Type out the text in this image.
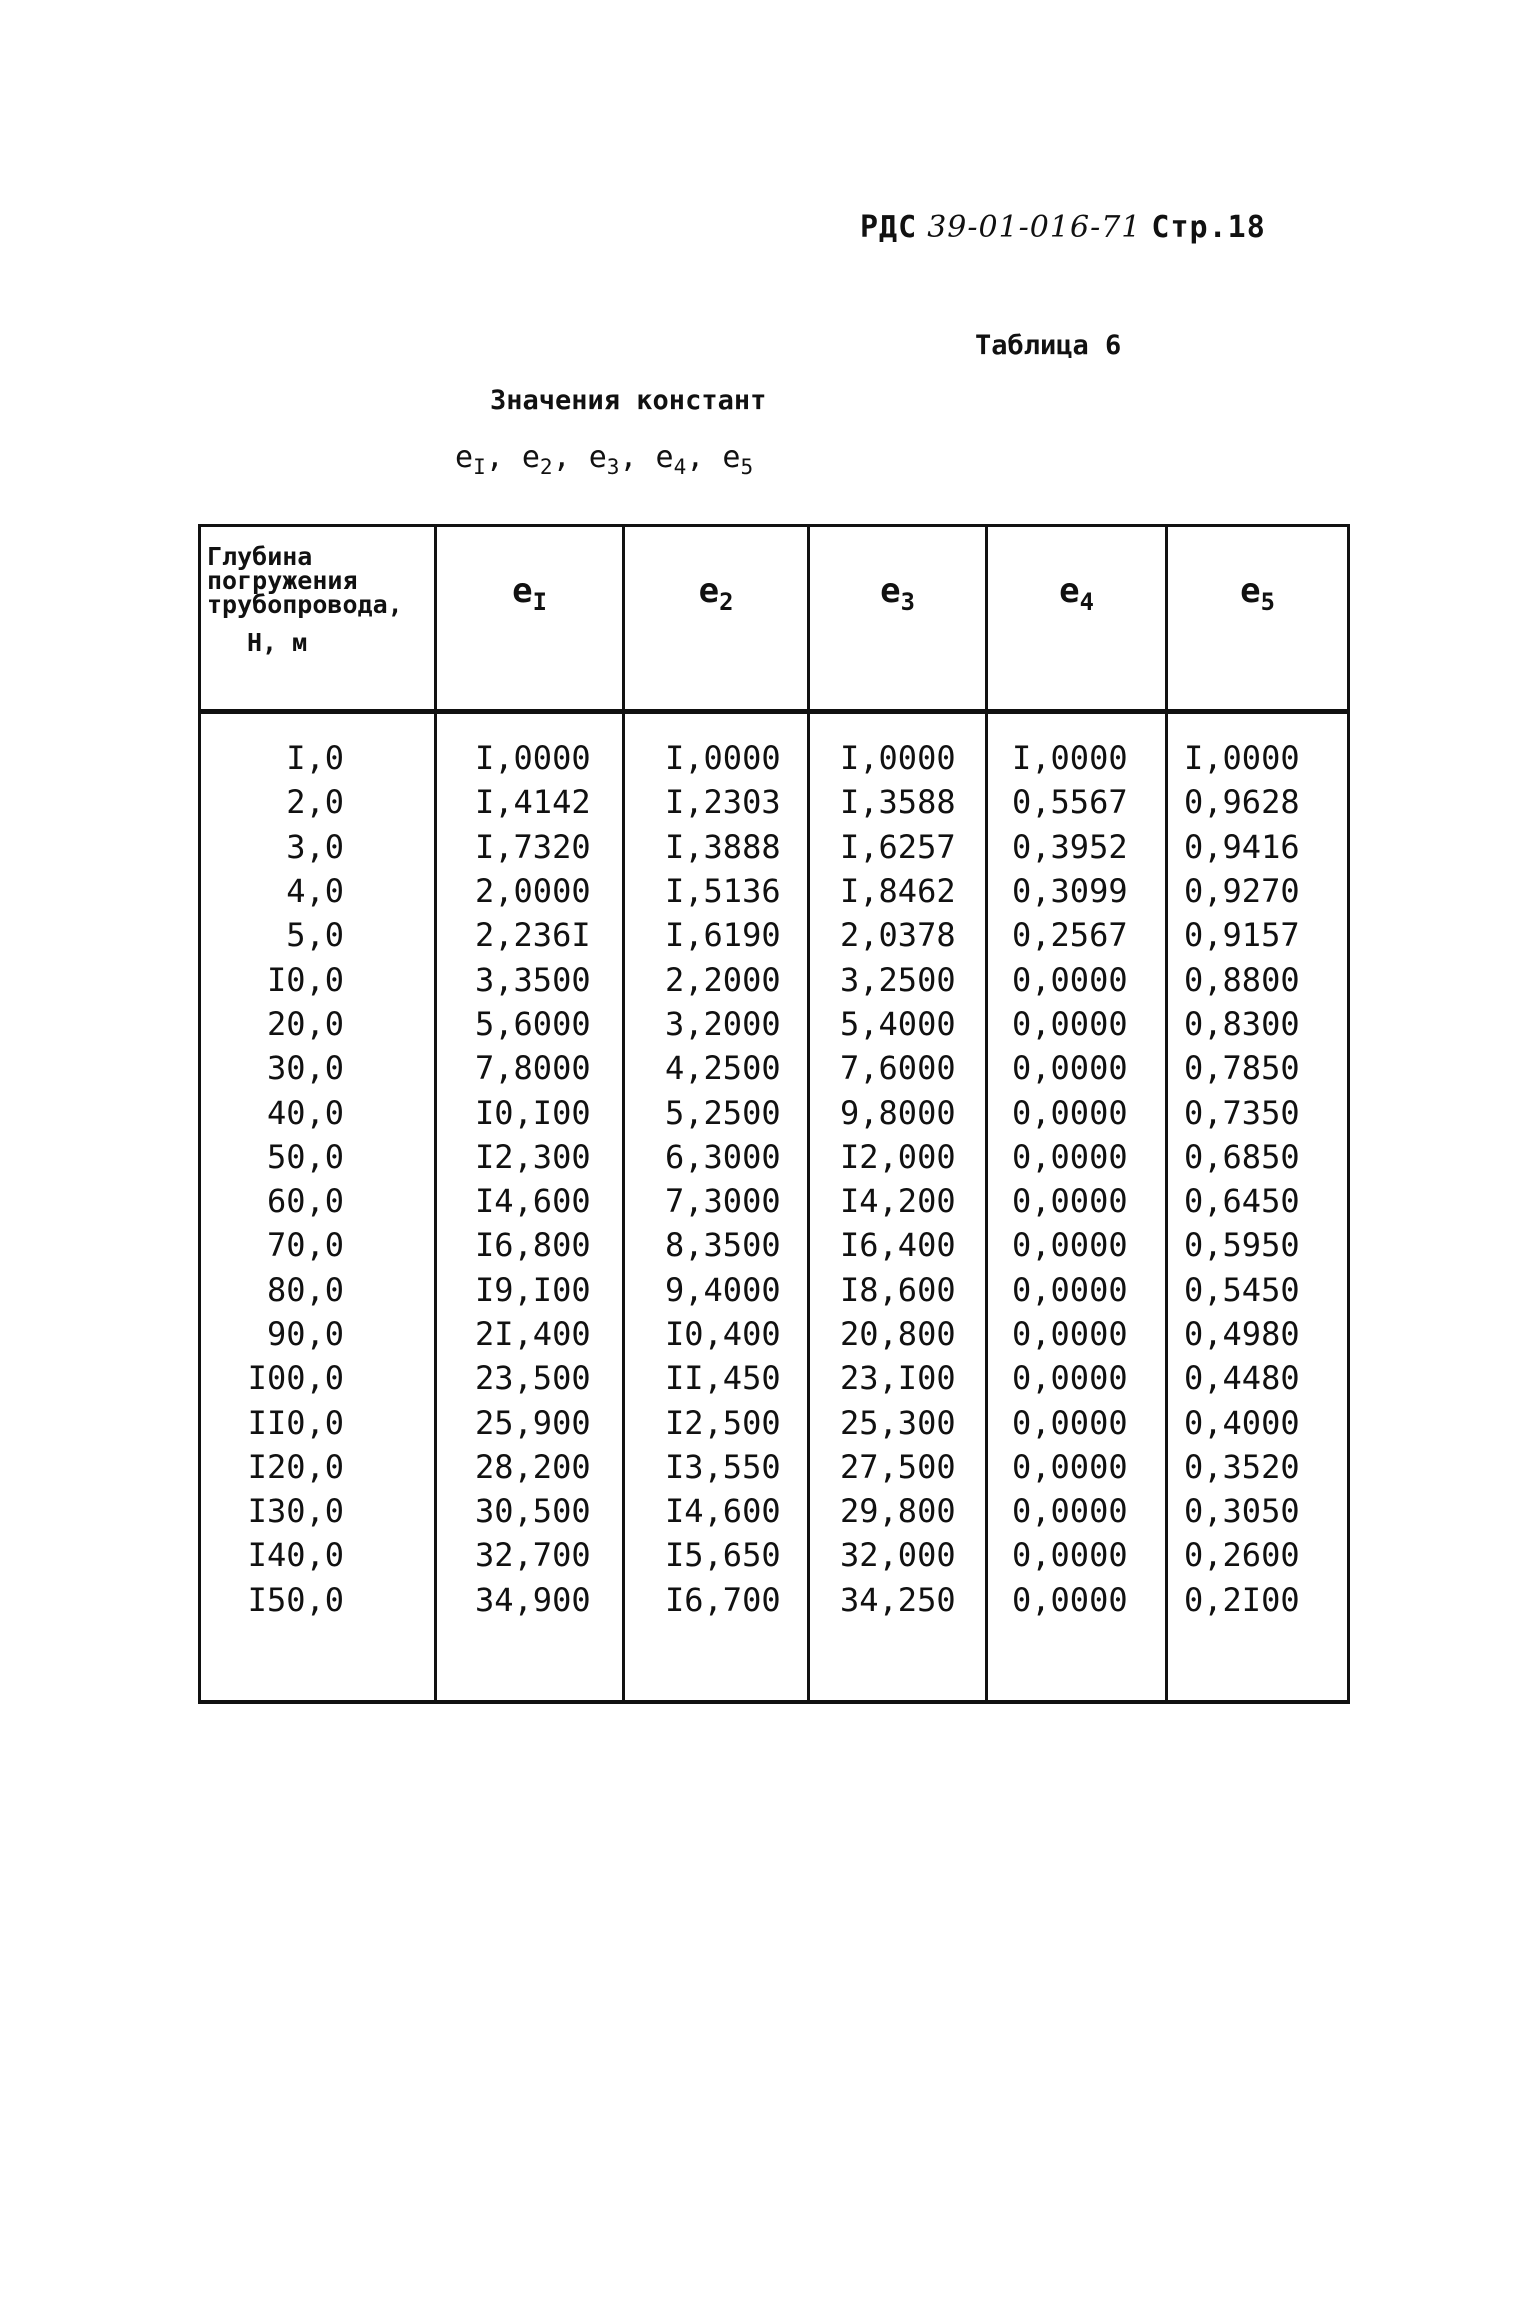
РДС 39-01-016-71 Стр.18
Таблица 6
Значения констант
$e_I$, $e_2$, $e_3$, $e_4$, $e_5$
Глубина
погружения
трубопровода,
H, м	$e_I$	$e_2$	$e_3$	$e_4$	$e_5$

I,0	I,0000	I,0000	I,0000	I,0000	I,0000
2,0	I,4142	I,2303	I,3588	0,5567	0,9628
3,0	I,7320	I,3888	I,6257	0,3952	0,9416
4,0	2,0000	I,5136	I,8462	0,3099	0,9270
5,0	2,236I	I,6190	2,0378	0,2567	0,9157
I0,0	3,3500	2,2000	3,2500	0,0000	0,8800
20,0	5,6000	3,2000	5,4000	0,0000	0,8300
30,0	7,8000	4,2500	7,6000	0,0000	0,7850
40,0	I0,I00	5,2500	9,8000	0,0000	0,7350
50,0	I2,300	6,3000	I2,000	0,0000	0,6850
60,0	I4,600	7,3000	I4,200	0,0000	0,6450
70,0	I6,800	8,3500	I6,400	0,0000	0,5950
80,0	I9,I00	9,4000	I8,600	0,0000	0,5450
90,0	2I,400	I0,400	20,800	0,0000	0,4980
I00,0	23,500	II,450	23,I00	0,0000	0,4480
II0,0	25,900	I2,500	25,300	0,0000	0,4000
I20,0	28,200	I3,550	27,500	0,0000	0,3520
I30,0	30,500	I4,600	29,800	0,0000	0,3050
I40,0	32,700	I5,650	32,000	0,0000	0,2600
I50,0	34,900	I6,700	34,250	0,0000	0,2I00
